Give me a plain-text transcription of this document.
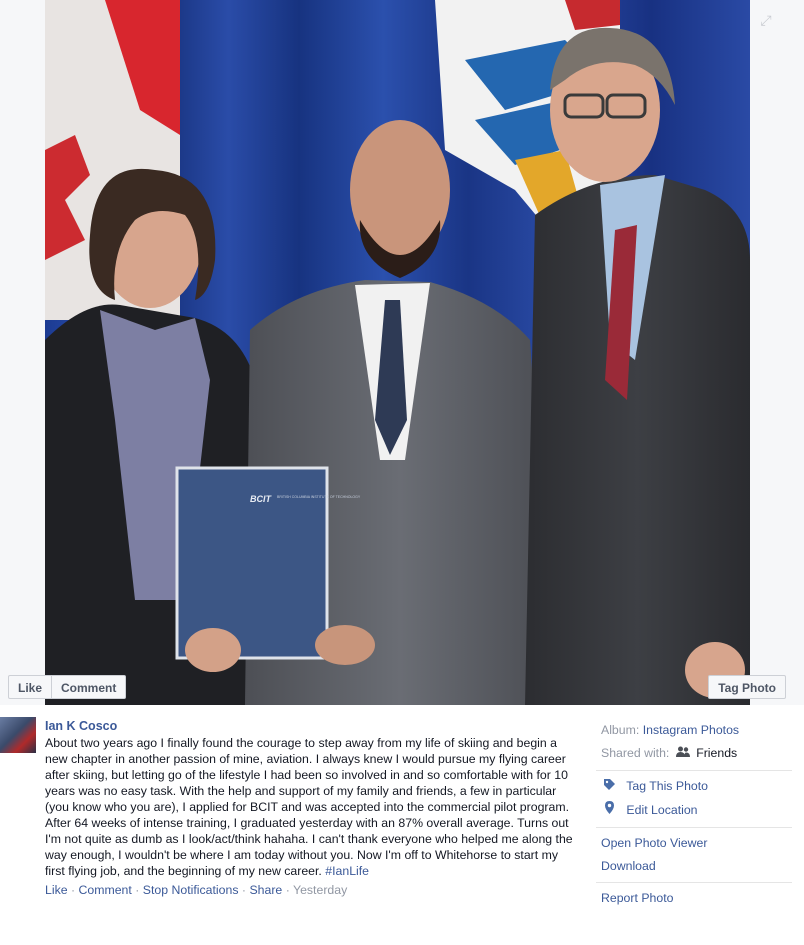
BCIT	BRITISH COLUMBIA INSTITUTE OF TECHNOLOGY
⤢
Like	Comment	Tag Photo
Ian K Cosco
About two years ago I finally found the courage to step away from my life of skiing and begin a new chapter in another passion of mine, aviation. I always knew I would pursue my flying career after skiing, but letting go of the lifestyle I had been so involved in and so comfortable with for 10 years was no easy task. With the help and support of my family and friends, a few in particular (you know who you are), I applied for BCIT and was accepted into the commercial pilot program. After 64 weeks of intense training, I graduated yesterday with an 87% overall average. Turns out I'm not quite as dumb as I look/act/think hahaha. I can't thank everyone who helped me along the way enough, I wouldn't be where I am today without you. Now I'm off to Whitehorse to start my first flying job, and the beginning of my new career. #IanLife
Like · Comment · Stop Notifications · Share · Yesterday
Album: Instagram Photos
Shared with: Friends
Tag This Photo
Edit Location
Open Photo Viewer
Download
Report Photo
